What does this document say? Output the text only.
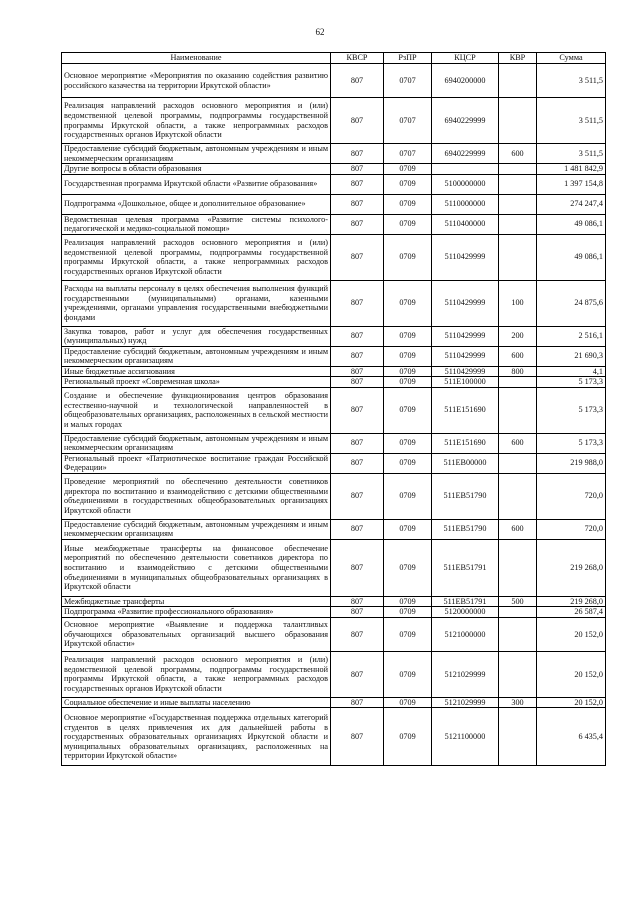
62
Наименование	КВСР	РзПР	КЦСР	КВР	Сумма
Основное мероприятие «Мероприятия по оказанию содействия развитию российского казачества на территории Иркутской области»	807	0707	6940200000		3 511,5
Реализация направлений расходов основного мероприятия и (или) ведомственной целевой программы, подпрограммы государственной программы Иркутской области, а также непрограммных расходов государственных органов Иркутской области	807	0707	6940229999		3 511,5
Предоставление субсидий бюджетным, автономным учреждениям и иным некоммерческим организациям	807	0707	6940229999	600	3 511,5
Другие вопросы в области образования	807	0709			1 481 842,9
Государственная программа Иркутской области «Развитие образования»	807	0709	5100000000		1 397 154,8
Подпрограмма «Дошкольное, общее и дополнительное образование»	807	0709	5110000000		274 247,4
Ведомственная целевая программа «Развитие системы психолого-педагогической и медико-социальной помощи»	807	0709	5110400000		49 086,1
Реализация направлений расходов основного мероприятия и (или) ведомственной целевой программы, подпрограммы государственной программы Иркутской области, а также непрограммных расходов государственных органов Иркутской области	807	0709	5110429999		49 086,1
Расходы на выплаты персоналу в целях обеспечения выполнения функций государственными (муниципальными) органами, казенными учреждениями, органами управления государственными внебюджетными фондами	807	0709	5110429999	100	24 875,6
Закупка товаров, работ и услуг для обеспечения государственных (муниципальных) нужд	807	0709	5110429999	200	2 516,1
Предоставление субсидий бюджетным, автономным учреждениям и иным некоммерческим организациям	807	0709	5110429999	600	21 690,3
Иные бюджетные ассигнования	807	0709	5110429999	800	4,1
Региональный проект «Современная школа»	807	0709	511E100000		5 173,3
Создание и обеспечение функционирования центров образования естественно-научной и технологической направленностей в общеобразовательных организациях, расположенных в сельской местности и малых городах	807	0709	511E151690		5 173,3
Предоставление субсидий бюджетным, автономным учреждениям и иным некоммерческим организациям	807	0709	511E151690	600	5 173,3
Региональный проект «Патриотическое воспитание граждан Российской Федерации»	807	0709	511EB00000		219 988,0
Проведение мероприятий по обеспечению деятельности советников директора по воспитанию и взаимодействию с детскими общественными объединениями в государственных общеобразовательных организациях Иркутской области	807	0709	511EB51790		720,0
Предоставление субсидий бюджетным, автономным учреждениям и иным некоммерческим организациям	807	0709	511EB51790	600	720,0
Иные межбюджетные трансферты на финансовое обеспечение мероприятий по обеспечению деятельности советников директора по воспитанию и взаимодействию с детскими общественными объединениями в муниципальных общеобразовательных организациях в Иркутской области	807	0709	511EB51791		219 268,0
Межбюджетные трансферты	807	0709	511EB51791	500	219 268,0
Подпрограмма «Развитие профессионального образования»	807	0709	5120000000		26 587,4
Основное мероприятие «Выявление и поддержка талантливых обучающихся образовательных организаций высшего образования Иркутской области»	807	0709	5121000000		20 152,0
Реализация направлений расходов основного мероприятия и (или) ведомственной целевой программы, подпрограммы государственной программы Иркутской области, а также непрограммных расходов государственных органов Иркутской области	807	0709	5121029999		20 152,0
Социальное обеспечение и иные выплаты населению	807	0709	5121029999	300	20 152,0
Основное мероприятие «Государственная поддержка отдельных категорий студентов в целях привлечения их для дальнейшей работы в государственных образовательных организациях Иркутской области и муниципальных образовательных организациях, расположенных на территории Иркутской области»	807	0709	5121100000		6 435,4
